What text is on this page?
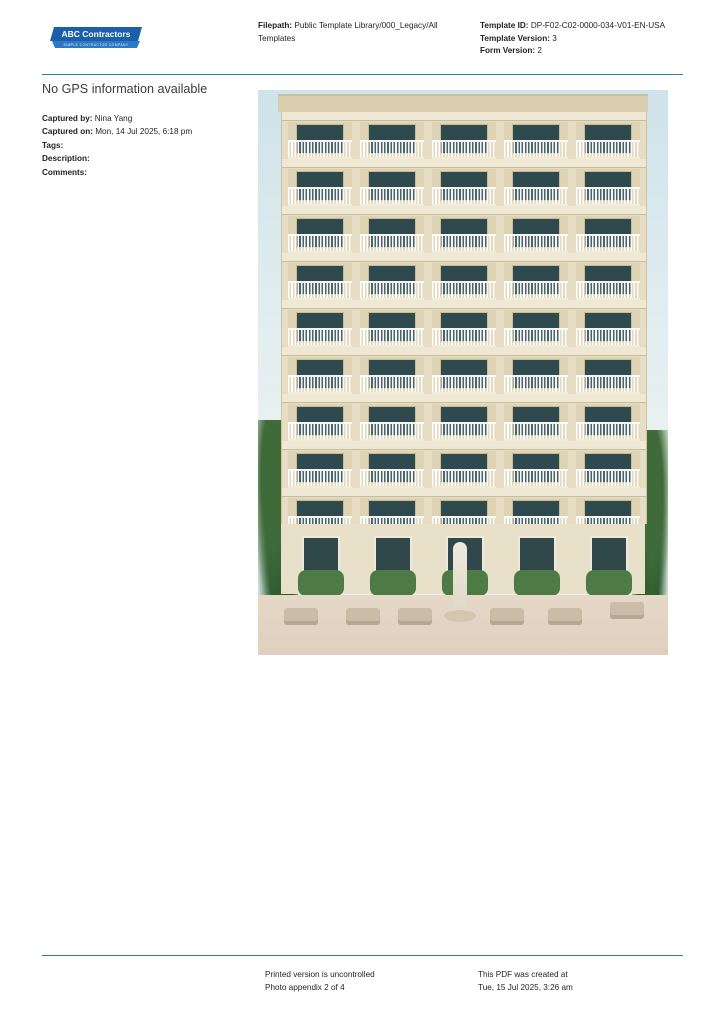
ABC Contractors
SIMPLE CONTRACTOR COMPANY
Filepath: Public Template Library/000_Legacy/All Templates
Template ID: DP-F02-C02-0000-034-V01-EN-USA
Template Version: 3
Form Version: 2
No GPS information available
Captured by: Nina Yang
Captured on: Mon, 14 Jul 2025, 6:18 pm
Tags:
Description:
Comments:
Printed version is uncontrolled
Photo appendix 2 of 4
This PDF was created at
Tue, 15 Jul 2025, 3:26 am
